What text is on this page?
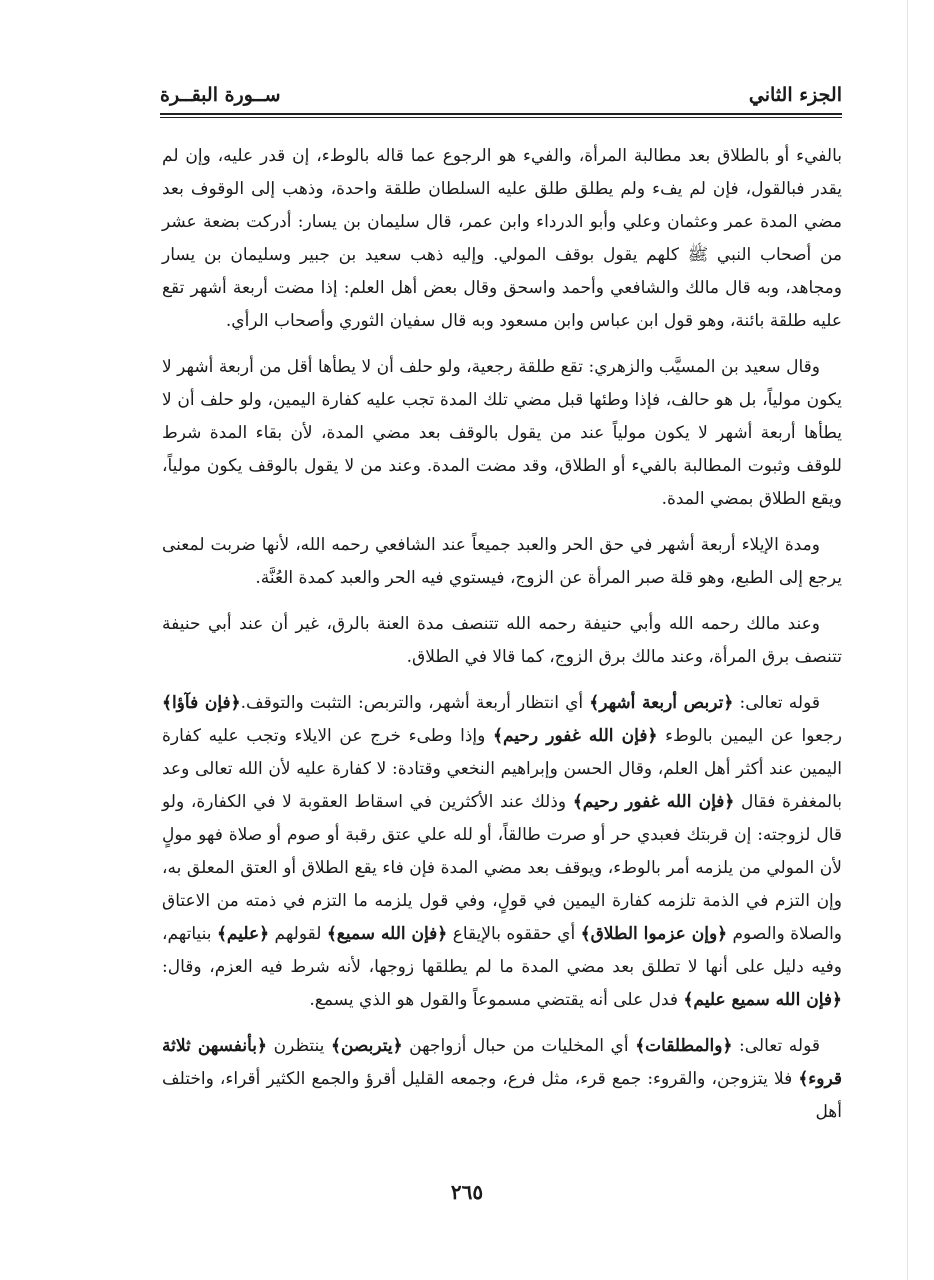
الجزء الثاني
ســورة البقــرة

بالفيء أو بالطلاق بعد مطالبة المرأة، والفيء هو الرجوع عما قاله بالوطء، إن قدر عليه، وإن لم يقدر فبالقول، فإن لم يفء ولم يطلق طلق عليه السلطان طلقة واحدة، وذهب إلى الوقوف بعد مضي المدة عمر وعثمان وعلي وأبو الدرداء وابن عمر، قال سليمان بن يسار: أدركت بضعة عشر من أصحاب النبي ﷺ كلهم يقول بوقف المولي. وإليه ذهب سعيد بن جبير وسليمان بن يسار ومجاهد، وبه قال مالك والشافعي وأحمد واسحق وقال بعض أهل العلم: إذا مضت أربعة أشهر تقع عليه طلقة بائنة، وهو قول ابن عباس وابن مسعود وبه قال سفيان الثوري وأصحاب الرأي.

وقال سعيد بن المسيَّب والزهري: تقع طلقة رجعية، ولو حلف أن لا يطأها أقل من أربعة أشهر لا يكون مولياً، بل هو حالف، فإذا وطئها قبل مضي تلك المدة تجب عليه كفارة اليمين، ولو حلف أن لا يطأها أربعة أشهر لا يكون مولياً عند من يقول بالوقف بعد مضي المدة، لأن بقاء المدة شرط للوقف وثبوت المطالبة بالفيء أو الطلاق، وقد مضت المدة. وعند من لا يقول بالوقف يكون مولياً، ويقع الطلاق بمضي المدة.

ومدة الإيلاء أربعة أشهر في حق الحر والعبد جميعاً عند الشافعي رحمه الله، لأنها ضربت لمعنى يرجع إلى الطبع، وهو قلة صبر المرأة عن الزوج، فيستوي فيه الحر والعبد كمدة العُنَّة.

وعند مالك رحمه الله وأبي حنيفة رحمه الله تتنصف مدة العنة بالرق، غير أن عند أبي حنيفة تتنصف برق المرأة، وعند مالك برق الزوج، كما قالا في الطلاق.

قوله تعالى: ﴿تربص أربعة أشهر﴾ أي انتظار أربعة أشهر، والتربص: التثبت والتوقف.﴿فإن فآؤا﴾ رجعوا عن اليمين بالوطء ﴿فإن الله غفور رحيم﴾ وإذا وطىء خرج عن الايلاء وتجب عليه كفارة اليمين عند أكثر أهل العلم، وقال الحسن وإبراهيم النخعي وقتادة: لا كفارة عليه لأن الله تعالى وعد بالمغفرة فقال ﴿فإن الله غفور رحيم﴾ وذلك عند الأكثرين في اسقاط العقوبة لا في الكفارة، ولو قال لزوجته: إن قربتك فعبدي حر أو صرت طالقاً، أو لله علي عتق رقبة أو صوم أو صلاة فهو مولٍ لأن المولي من يلزمه أمر بالوطء، ويوقف بعد مضي المدة فإن فاء يقع الطلاق أو العتق المعلق به، وإن التزم في الذمة تلزمه كفارة اليمين في قولٍ، وفي قول يلزمه ما التزم في ذمته من الاعتاق والصلاة والصوم ﴿وإن عزموا الطلاق﴾ أي حققوه بالإيقاع ﴿فإن الله سميع﴾ لقولهم ﴿عليم﴾ بنياتهم، وفيه دليل على أنها لا تطلق بعد مضي المدة ما لم يطلقها زوجها، لأنه شرط فيه العزم، وقال: ﴿فإن الله سميع عليم﴾ فدل على أنه يقتضي مسموعاً والقول هو الذي يسمع.

قوله تعالى: ﴿والمطلقات﴾ أي المخليات من حبال أزواجهن ﴿يتربصن﴾ ينتظرن ﴿بأنفسهن ثلاثة قروء﴾ فلا يتزوجن، والقروء: جمع قرء، مثل فرع، وجمعه القليل أقرؤ والجمع الكثير أقراء، واختلف أهل

٢٦٥
